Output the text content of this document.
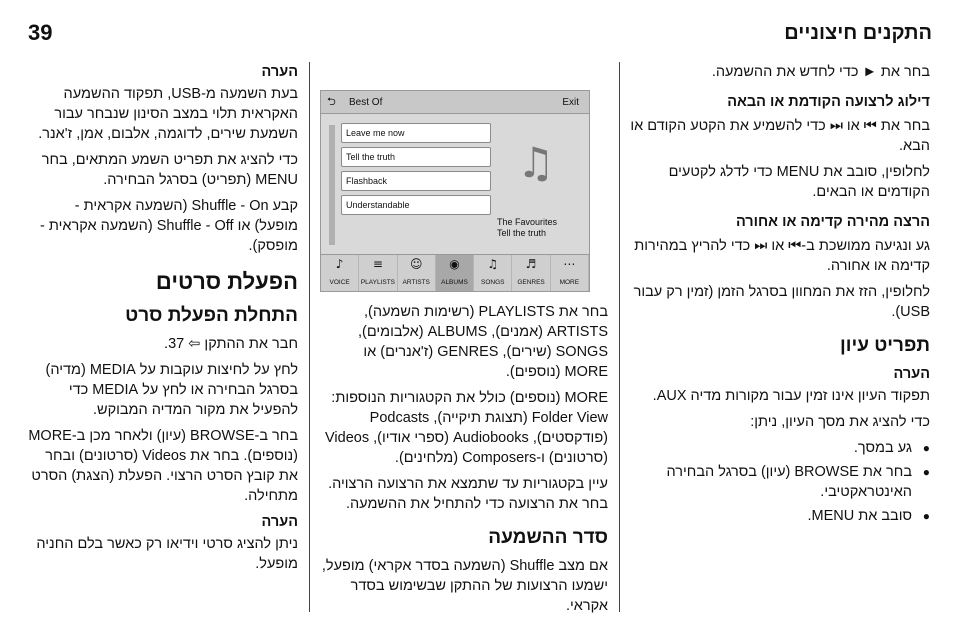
39	התקנים חיצוניים

בחר את ► כדי לחדש את ההשמעה.

דילוג לרצועה הקודמת או הבאה

בחר את ⏮ או ⏭ כדי להשמיע את הקטע הקודם או הבא.

לחלופין, סובב את MENU כדי לדלג לקטעים הקודמים או הבאים.

הרצה מהירה קדימה או אחורה

גע ונגיעה ממושכת ב-⏮ או ⏭ כדי להריץ במהירות קדימה או אחורה.

לחלופין, הזז את המחוון בסרגל הזמן (זמין רק עבור USB).

תפריט עיון
הערה

תפקוד העיון אינו זמין עבור מקורות מדיה AUX.

כדי להציג את מסך העיון, ניתן:

● גע במסך.
● בחר את BROWSE (עיון) בסרגל הבחירה האינטראקטיבי.
● סובב את MENU.
⮌ Best Of	Exit
Leave me now
Tell the truth
Flashback
Understandable
♫
The Favourites
Tell the truth
♪
VOICE
≡
PLAYLISTS
☺
ARTISTS
◉
ALBUMS
♫
SONGS
♬
GENRES
⋯
MORE

בחר את PLAYLISTS (רשימות השמעה), ARTISTS (אמנים), ALBUMS (אלבומים), SONGS (שירים), GENRES (ז'אנרים) או MORE (נוספים).

MORE (נוספים) כולל את הקטגוריות הנוספות: Folder View (תצוגת תיקייה), Podcasts (פודקסטים), Audiobooks (ספרי אודיו), Videos (סרטונים) ו-Composers (מלחינים).

עיין בקטגוריות עד שתמצא את הרצועה הרצויה. בחר את הרצועה כדי להתחיל את ההשמעה.

סדר ההשמעה

אם מצב Shuffle (השמעה בסדר אקראי) מופעל, ישמעו הרצועות של ההתקן שבשימוש בסדר אקראי.

הערה

בעת השמעה מ-USB, תפקוד ההשמעה האקראית תלוי במצב הסינון שנבחר עבור השמעת שירים, לדוגמה, אלבום, אמן, ז'אנר.

כדי להציג את תפריט השמע המתאים, בחר MENU (תפריט) בסרגל הבחירה.

קבע Shuffle - On (השמעה אקראית - מופעל) או Shuffle - Off (השמעה אקראית - מופסק).

הפעלת סרטים
התחלת הפעלת סרט

חבר את ההתקן ⇦ 37.

לחץ על לחיצות עוקבות על MEDIA (מדיה) בסרגל הבחירה או לחץ על MEDIA כדי להפעיל את מקור המדיה המבוקש.

בחר ב-BROWSE (עיון) ולאחר מכן ב-MORE (נוספים). בחר את Videos (סרטונים) ובחר את קובץ הסרט הרצוי. הפעלת (הצגת) הסרט מתחילה.

הערה

ניתן להציג סרטי וידיאו רק כאשר בלם החניה מופעל.
